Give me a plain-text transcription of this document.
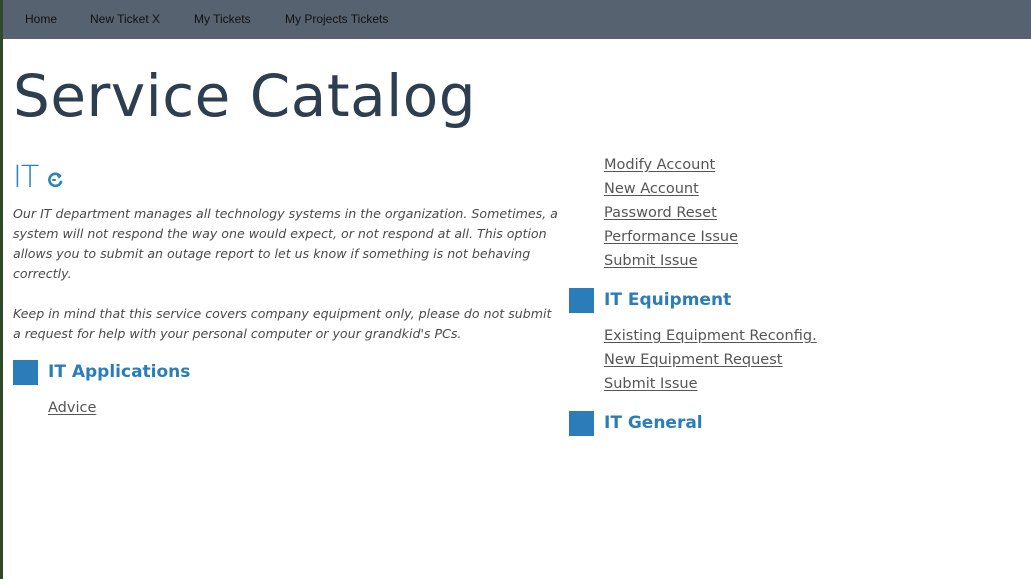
Home	New Ticket X	My Tickets	My Projects Tickets
Service Catalog
IT

Our IT department manages all technology systems in the organization. Sometimes, a system will not respond the way one would expect, or not respond at all. This option allows you to submit an outage report to let us know if something is not behaving correctly.

Keep in mind that this service covers company equipment only, please do not submit a request for help with your personal computer or your grandkid's PCs.

IT Applications
Advice
Modify Account
New Account
Password Reset
Performance Issue
Submit Issue
IT Equipment
Existing Equipment Reconfig.
New Equipment Request
Submit Issue
IT General
